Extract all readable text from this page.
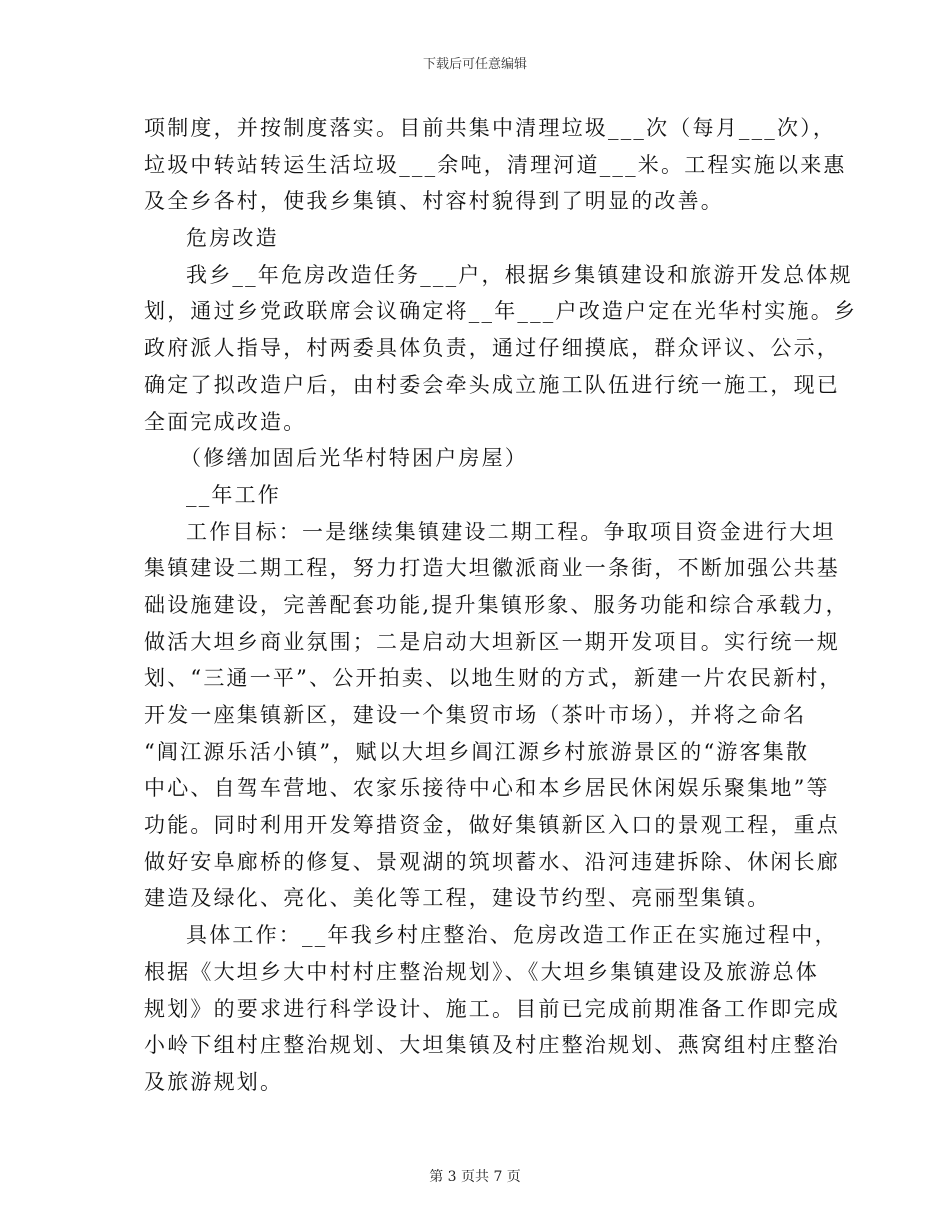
下载后可任意编辑
项制度，并按制度落实。目前共集中清理垃圾___次（每月___次），
垃圾中转站转运生活垃圾___余吨，清理河道___米。工程实施以来惠
及全乡各村，使我乡集镇、村容村貌得到了明显的改善。
危房改造
我乡__年危房改造任务___户，根据乡集镇建设和旅游开发总体规
划，通过乡党政联席会议确定将__年___户改造户定在光华村实施。乡
政府派人指导，村两委具体负责，通过仔细摸底，群众评议、公示，
确定了拟改造户后，由村委会牵头成立施工队伍进行统一施工，现已
全面完成改造。
（修缮加固后光华村特困户房屋）
__年工作
工作目标：一是继续集镇建设二期工程。争取项目资金进行大坦
集镇建设二期工程，努力打造大坦徽派商业一条街，不断加强公共基
础设施建设，完善配套功能,提升集镇形象、服务功能和综合承载力，
做活大坦乡商业氛围；二是启动大坦新区一期开发项目。实行统一规
划、“三通一平”、公开拍卖、以地生财的方式，新建一片农民新村，
开发一座集镇新区，建设一个集贸市场（茶叶市场），并将之命名
“阊江源乐活小镇”，赋以大坦乡阊江源乡村旅游景区的“游客集散
中心、自驾车营地、农家乐接待中心和本乡居民休闲娱乐聚集地”等
功能。同时利用开发筹措资金，做好集镇新区入口的景观工程，重点
做好安阜廊桥的修复、景观湖的筑坝蓄水、沿河违建拆除、休闲长廊
建造及绿化、亮化、美化等工程，建设节约型、亮丽型集镇。
具体工作：__年我乡村庄整治、危房改造工作正在实施过程中，
根据《大坦乡大中村村庄整治规划》、《大坦乡集镇建设及旅游总体
规划》的要求进行科学设计、施工。目前已完成前期准备工作即完成
小岭下组村庄整治规划、大坦集镇及村庄整治规划、燕窝组村庄整治
及旅游规划。
第 3 页共 7 页
